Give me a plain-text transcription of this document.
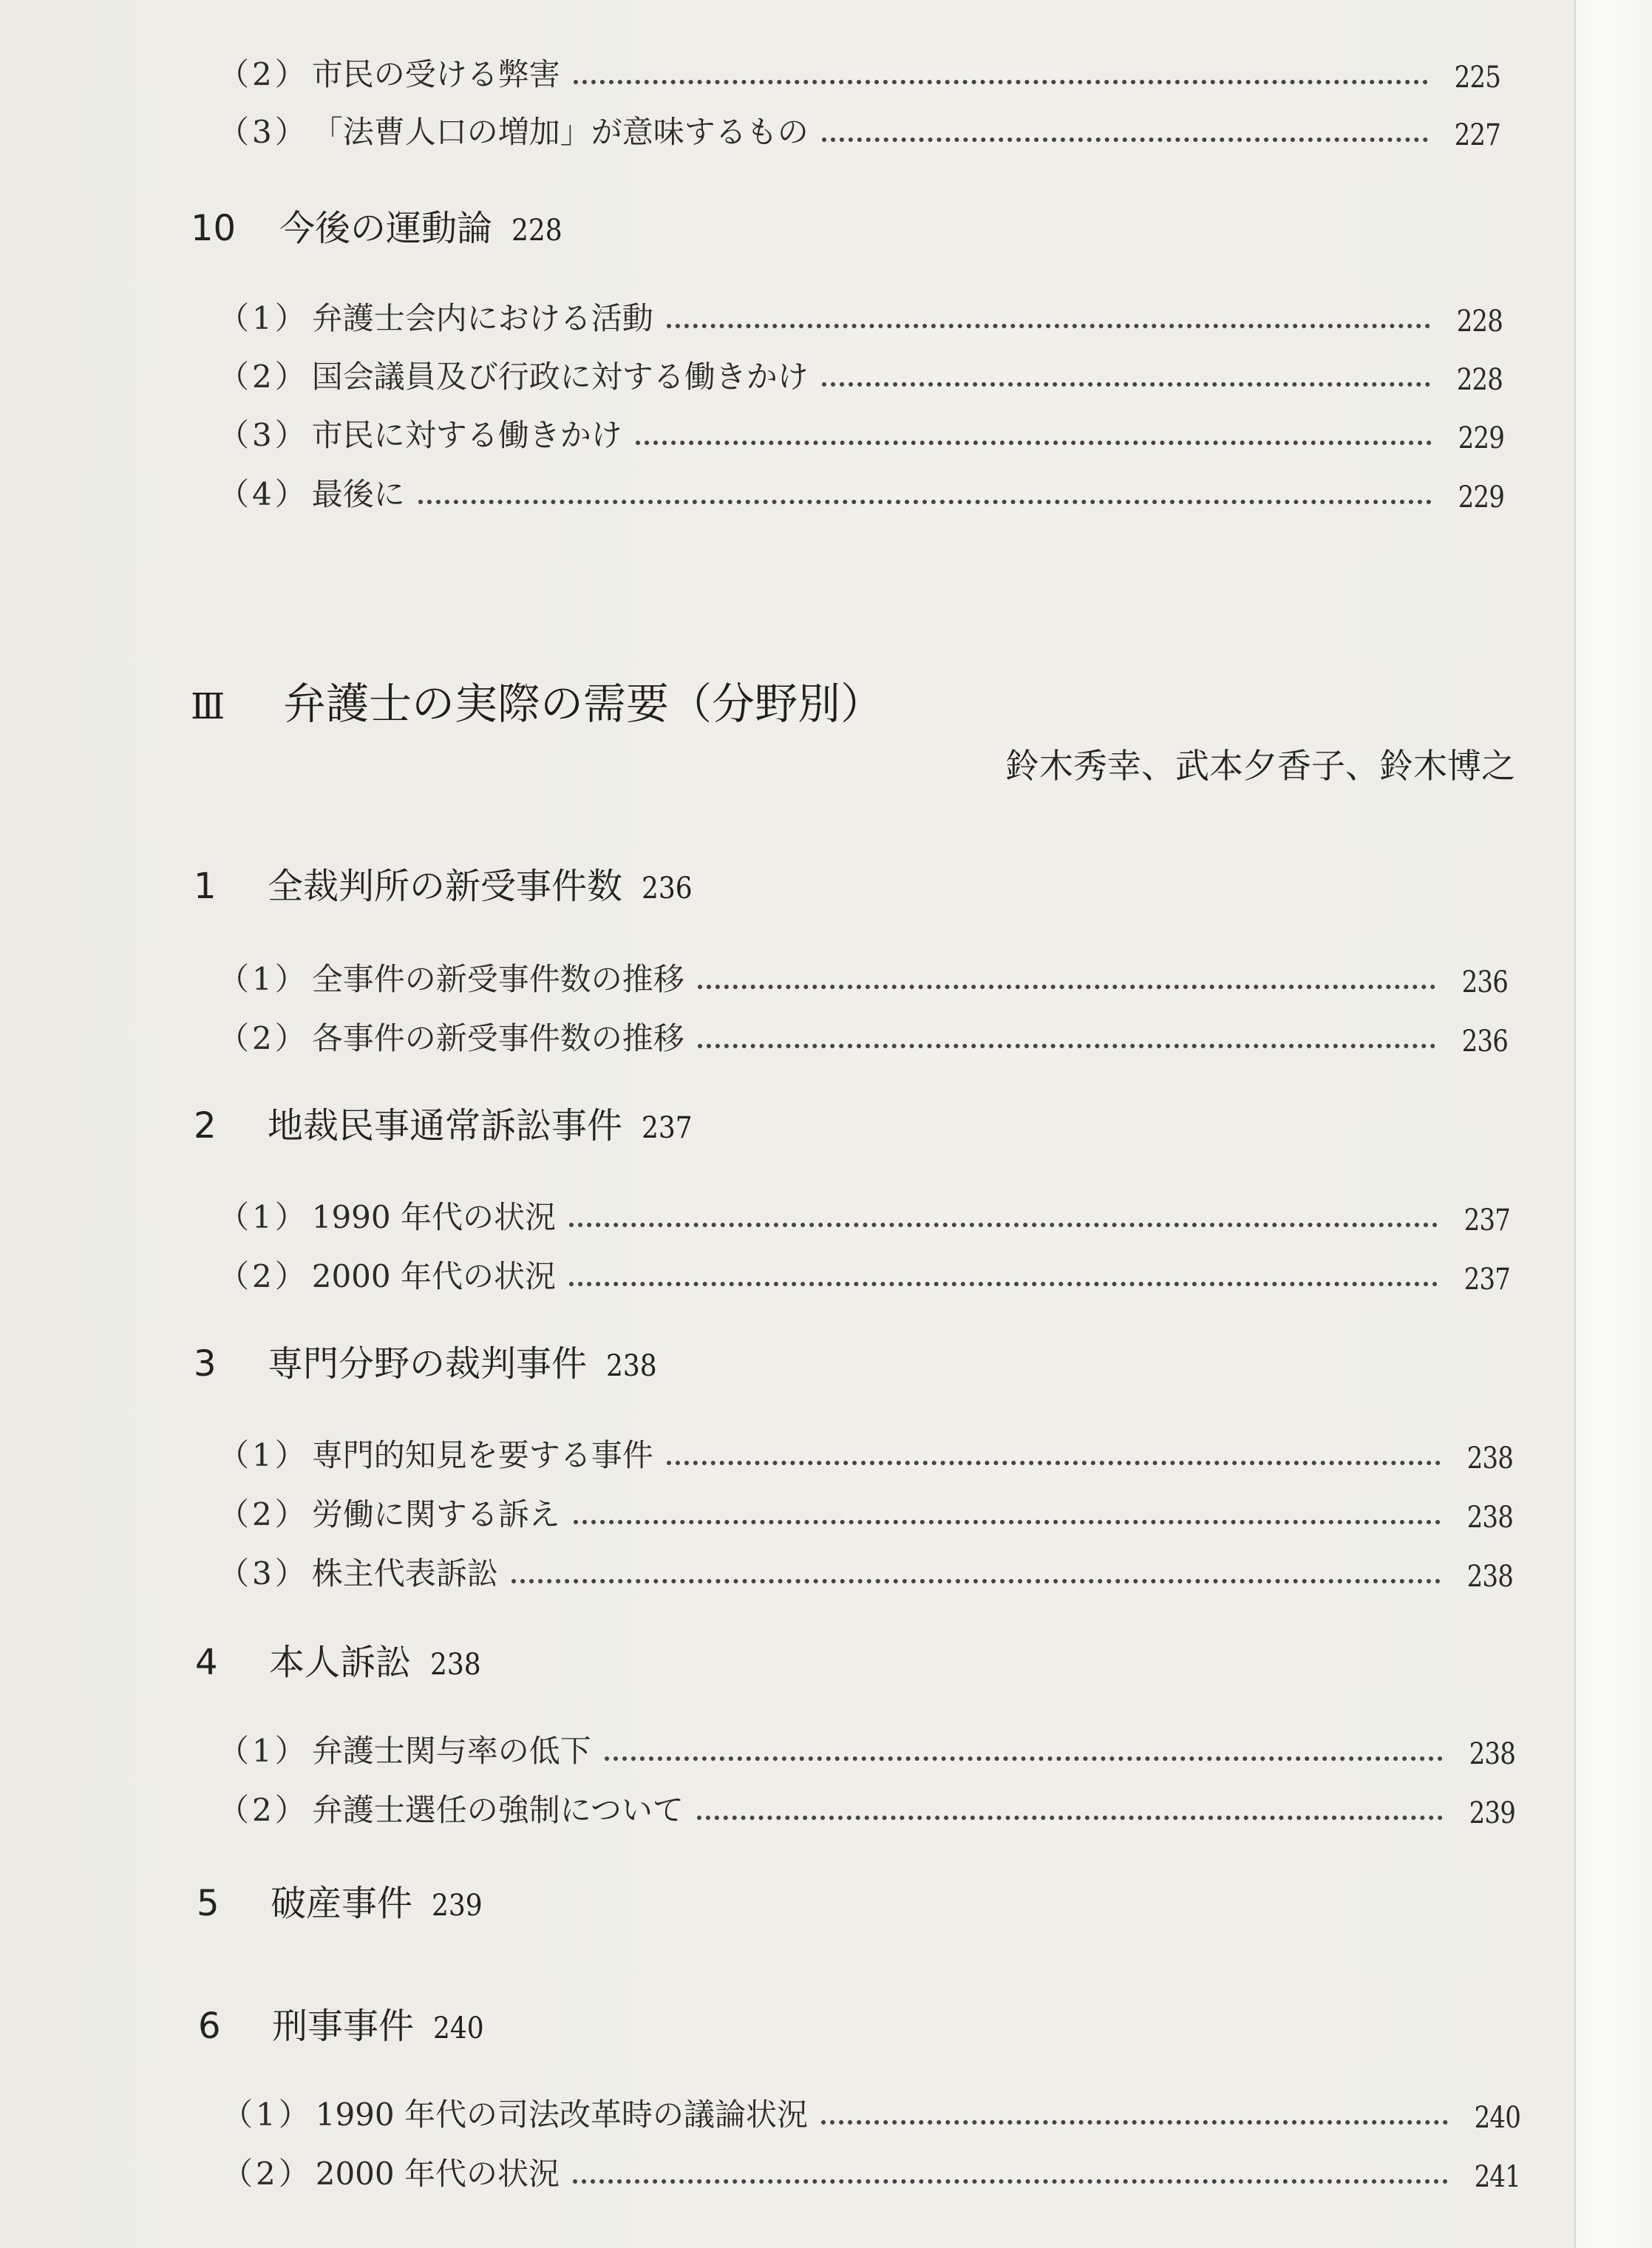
（2） 市民の受ける弊害	225
（3） 「法曹人口の増加」が意味するもの	227
10	今後の運動論 228
（1） 弁護士会内における活動	228
（2） 国会議員及び行政に対する働きかけ	228
（3） 市民に対する働きかけ	229
（4） 最後に	229
Ⅲ	弁護士の実際の需要（分野別）
鈴木秀幸、武本夕香子、鈴木博之
1	全裁判所の新受事件数 236
（1） 全事件の新受事件数の推移	236
（2） 各事件の新受事件数の推移	236
2	地裁民事通常訴訟事件 237
（1） 1990 年代の状況	237
（2） 2000 年代の状況	237
3	専門分野の裁判事件 238
（1） 専門的知見を要する事件	238
（2） 労働に関する訴え	238
（3） 株主代表訴訟	238
4	本人訴訟 238
（1） 弁護士関与率の低下	238
（2） 弁護士選任の強制について	239
5	破産事件 239
6	刑事事件 240
（1） 1990 年代の司法改革時の議論状況	240
（2） 2000 年代の状況	241
